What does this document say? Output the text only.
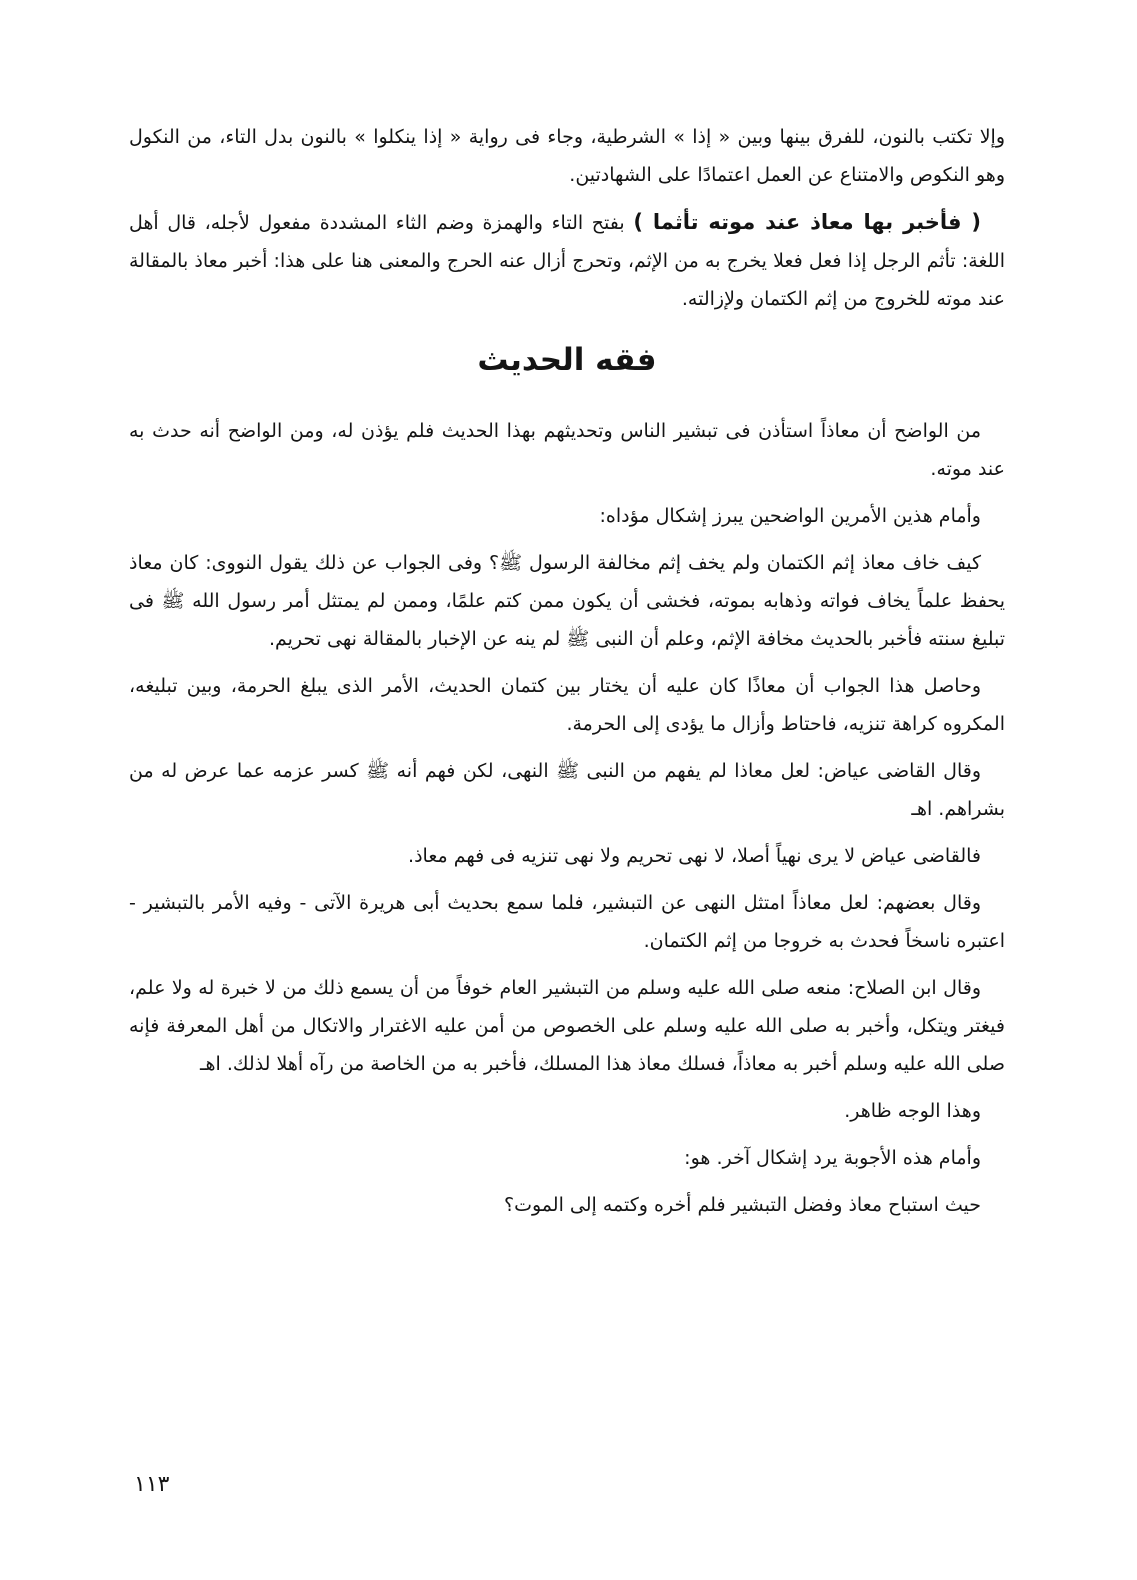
وإلا تكتب بالنون، للفرق بينها وبين « إذا » الشرطية، وجاء فى رواية « إذا ينكلوا » بالنون بدل التاء، من النكول وهو النكوص والامتناع عن العمل اعتمادًا على الشهادتين.

( فأخبر بها معاذ عند موته تأثما ) بفتح التاء والهمزة وضم الثاء المشددة مفعول لأجله، قال أهل اللغة: تأثم الرجل إذا فعل فعلا يخرج به من الإثم، وتحرج أزال عنه الحرج والمعنى هنا على هذا: أخبر معاذ بالمقالة عند موته للخروج من إثم الكتمان ولإزالته.

فقه الحديث

من الواضح أن معاذاً استأذن فى تبشير الناس وتحديثهم بهذا الحديث فلم يؤذن له، ومن الواضح أنه حدث به عند موته.

وأمام هذين الأمرين الواضحين يبرز إشكال مؤداه:

كيف خاف معاذ إثم الكتمان ولم يخف إثم مخالفة الرسول ﷺ؟ وفى الجواب عن ذلك يقول النووى: كان معاذ يحفظ علماً يخاف فواته وذهابه بموته، فخشى أن يكون ممن كتم علمًا، وممن لم يمتثل أمر رسول الله ﷺ فى تبليغ سنته فأخبر بالحديث مخافة الإثم، وعلم أن النبى ﷺ لم ينه عن الإخبار بالمقالة نهى تحريم.

وحاصل هذا الجواب أن معاذًا كان عليه أن يختار بين كتمان الحديث، الأمر الذى يبلغ الحرمة، وبين تبليغه، المكروه كراهة تنزيه، فاحتاط وأزال ما يؤدى إلى الحرمة.

وقال القاضى عياض: لعل معاذا لم يفهم من النبى ﷺ النهى، لكن فهم أنه ﷺ كسر عزمه عما عرض له من بشراهم. اهـ

فالقاضى عياض لا يرى نهياً أصلا، لا نهى تحريم ولا نهى تنزيه فى فهم معاذ.

وقال بعضهم: لعل معاذاً امتثل النهى عن التبشير، فلما سمع بحديث أبى هريرة الآتى - وفيه الأمر بالتبشير - اعتبره ناسخاً فحدث به خروجا من إثم الكتمان.

وقال ابن الصلاح: منعه صلى الله عليه وسلم من التبشير العام خوفاً من أن يسمع ذلك من لا خبرة له ولا علم، فيغتر ويتكل، وأخبر به صلى الله عليه وسلم على الخصوص من أمن عليه الاغترار والاتكال من أهل المعرفة فإنه صلى الله عليه وسلم أخبر به معاذاً، فسلك معاذ هذا المسلك، فأخبر به من الخاصة من رآه أهلا لذلك. اهـ

وهذا الوجه ظاهر.

وأمام هذه الأجوبة يرد إشكال آخر. هو:

حيث استباح معاذ وفضل التبشير فلم أخره وكتمه إلى الموت؟

١١٣
